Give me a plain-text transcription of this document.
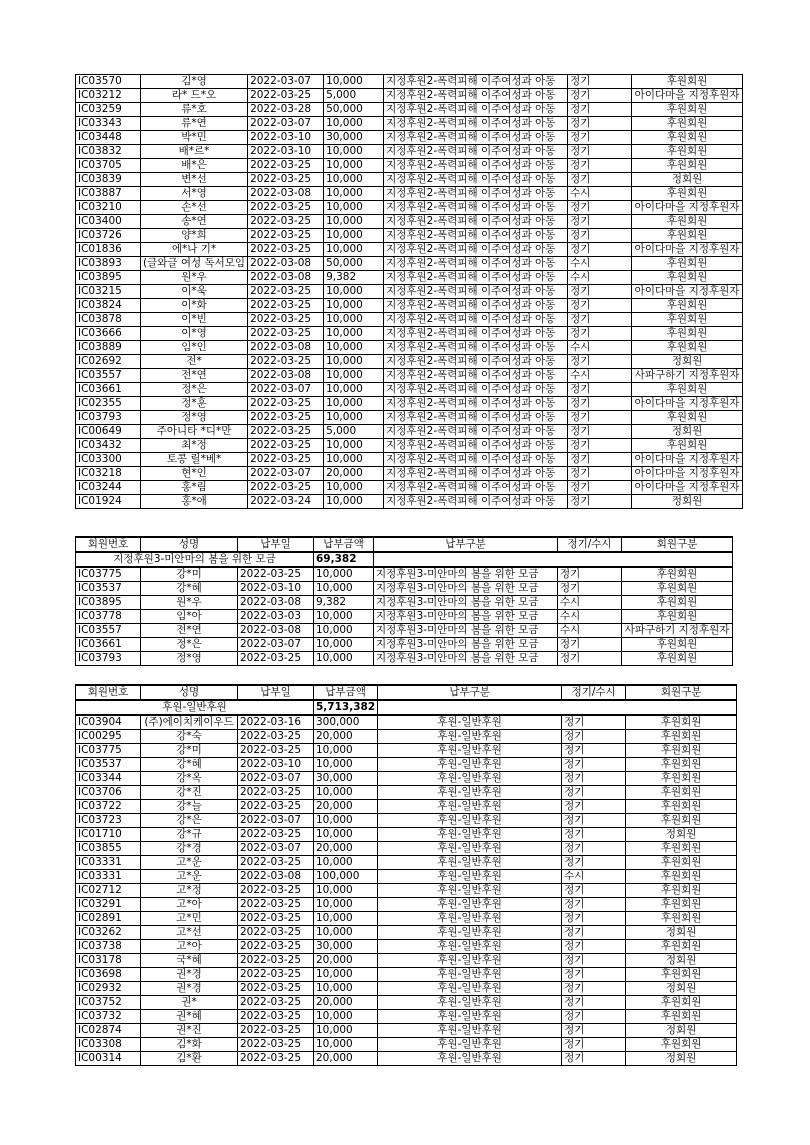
IC03570	김*영	2022-03-07	10,000	지정후원2-폭력피해 이주여성과 아동	정기	후원회원
IC03212	라* 드*오	2022-03-25	5,000	지정후원2-폭력피해 이주여성과 아동	정기	아이다마을 지정후원자
IC03259	류*호	2022-03-28	50,000	지정후원2-폭력피해 이주여성과 아동	정기	후원회원
IC03343	류*연	2022-03-07	10,000	지정후원2-폭력피해 이주여성과 아동	정기	후원회원
IC03448	박*민	2022-03-10	30,000	지정후원2-폭력피해 이주여성과 아동	정기	후원회원
IC03832	배*르*	2022-03-10	10,000	지정후원2-폭력피해 이주여성과 아동	정기	후원회원
IC03705	배*은	2022-03-25	10,000	지정후원2-폭력피해 이주여성과 아동	정기	후원회원
IC03839	변*선	2022-03-25	10,000	지정후원2-폭력피해 이주여성과 아동	정기	정회원
IC03887	서*영	2022-03-08	10,000	지정후원2-폭력피해 이주여성과 아동	수시	후원회원
IC03210	손*선	2022-03-25	10,000	지정후원2-폭력피해 이주여성과 아동	정기	아이다마을 지정후원자
IC03400	송*연	2022-03-25	10,000	지정후원2-폭력피해 이주여성과 아동	정기	후원회원
IC03726	양*희	2022-03-25	10,000	지정후원2-폭력피해 이주여성과 아동	정기	후원회원
IC01836	에*나 기*	2022-03-25	10,000	지정후원2-폭력피해 이주여성과 아동	정기	아이다마을 지정후원자
IC03893	(글와글 여성 독서모임	2022-03-08	50,000	지정후원2-폭력피해 이주여성과 아동	수시	후원회원
IC03895	원*우	2022-03-08	9,382	지정후원2-폭력피해 이주여성과 아동	수시	후원회원
IC03215	이*욱	2022-03-25	10,000	지정후원2-폭력피해 이주여성과 아동	정기	아이다마을 지정후원자
IC03824	이*화	2022-03-25	10,000	지정후원2-폭력피해 이주여성과 아동	정기	후원회원
IC03878	이*빈	2022-03-25	10,000	지정후원2-폭력피해 이주여성과 아동	정기	후원회원
IC03666	이*영	2022-03-25	10,000	지정후원2-폭력피해 이주여성과 아동	정기	후원회원
IC03889	임*인	2022-03-08	10,000	지정후원2-폭력피해 이주여성과 아동	수시	후원회원
IC02692	전*	2022-03-25	10,000	지정후원2-폭력피해 이주여성과 아동	정기	정회원
IC03557	전*연	2022-03-08	10,000	지정후원2-폭력피해 이주여성과 아동	수시	사파구하기 지정후원자
IC03661	정*은	2022-03-07	10,000	지정후원2-폭력피해 이주여성과 아동	정기	후원회원
IC02355	정*훈	2022-03-25	10,000	지정후원2-폭력피해 이주여성과 아동	정기	아이다마을 지정후원자
IC03793	정*영	2022-03-25	10,000	지정후원2-폭력피해 이주여성과 아동	정기	후원회원
IC00649	주아니타 *디*만	2022-03-25	5,000	지정후원2-폭력피해 이주여성과 아동	정기	정회원
IC03432	최*정	2022-03-25	10,000	지정후원2-폭력피해 이주여성과 아동	정기	후원회원
IC03300	토콩 릴*베*	2022-03-25	10,000	지정후원2-폭력피해 이주여성과 아동	정기	아이다마을 지정후원자
IC03218	현*인	2022-03-07	20,000	지정후원2-폭력피해 이주여성과 아동	정기	아이다마을 지정후원자
IC03244	홍*림	2022-03-25	10,000	지정후원2-폭력피해 이주여성과 아동	정기	아이다마을 지정후원자
IC01924	홍*애	2022-03-24	10,000	지정후원2-폭력피해 이주여성과 아동	정기	정회원
회원번호	성명	납부일	납부금액	납부구분	정기/수시	회원구분
지정후원3-미안마의 봄을 위한 모금			69,382			
IC03775	강*미	2022-03-25	10,000	지정후원3-미안마의 봄을 위한 모금	정기	후원회원
IC03537	강*혜	2022-03-10	10,000	지정후원3-미안마의 봄을 위한 모금	정기	후원회원
IC03895	원*우	2022-03-08	9,382	지정후원3-미안마의 봄을 위한 모금	수시	후원회원
IC03778	임*아	2022-03-03	10,000	지정후원3-미안마의 봄을 위한 모금	수시	후원회원
IC03557	전*연	2022-03-08	10,000	지정후원3-미안마의 봄을 위한 모금	수시	사파구하기 지정후원자
IC03661	정*은	2022-03-07	10,000	지정후원3-미안마의 봄을 위한 모금	정기	후원회원
IC03793	정*영	2022-03-25	10,000	지정후원3-미안마의 봄을 위한 모금	정기	후원회원
회원번호	성명	납부일	납부금액	납부구분	정기/수시	회원구분
후원-일반후원			5,713,382			
IC03904	(주)에이치케이우드	2022-03-16	300,000	후원-일반후원	정기	후원회원
IC00295	강*숙	2022-03-25	20,000	후원-일반후원	정기	후원회원
IC03775	강*미	2022-03-25	10,000	후원-일반후원	정기	후원회원
IC03537	강*혜	2022-03-10	10,000	후원-일반후원	정기	후원회원
IC03344	강*옥	2022-03-07	30,000	후원-일반후원	정기	후원회원
IC03706	강*진	2022-03-25	10,000	후원-일반후원	정기	후원회원
IC03722	강*늘	2022-03-25	20,000	후원-일반후원	정기	후원회원
IC03723	강*은	2022-03-07	10,000	후원-일반후원	정기	후원회원
IC01710	강*규	2022-03-25	10,000	후원-일반후원	정기	정회원
IC03855	강*경	2022-03-07	20,000	후원-일반후원	정기	후원회원
IC03331	고*운	2022-03-25	10,000	후원-일반후원	정기	후원회원
IC03331	고*운	2022-03-08	100,000	후원-일반후원	수시	후원회원
IC02712	고*정	2022-03-25	10,000	후원-일반후원	정기	후원회원
IC03291	고*아	2022-03-25	10,000	후원-일반후원	정기	후원회원
IC02891	고*민	2022-03-25	10,000	후원-일반후원	정기	후원회원
IC03262	고*선	2022-03-25	10,000	후원-일반후원	정기	정회원
IC03738	고*아	2022-03-25	30,000	후원-일반후원	정기	후원회원
IC03178	국*혜	2022-03-25	20,000	후원-일반후원	정기	정회원
IC03698	권*경	2022-03-25	10,000	후원-일반후원	정기	후원회원
IC02932	권*경	2022-03-25	10,000	후원-일반후원	정기	정회원
IC03752	권*	2022-03-25	20,000	후원-일반후원	정기	후원회원
IC03732	권*혜	2022-03-25	10,000	후원-일반후원	정기	후원회원
IC02874	권*진	2022-03-25	10,000	후원-일반후원	정기	정회원
IC03308	김*화	2022-03-25	10,000	후원-일반후원	정기	후원회원
IC00314	김*환	2022-03-25	20,000	후원-일반후원	정기	정회원
